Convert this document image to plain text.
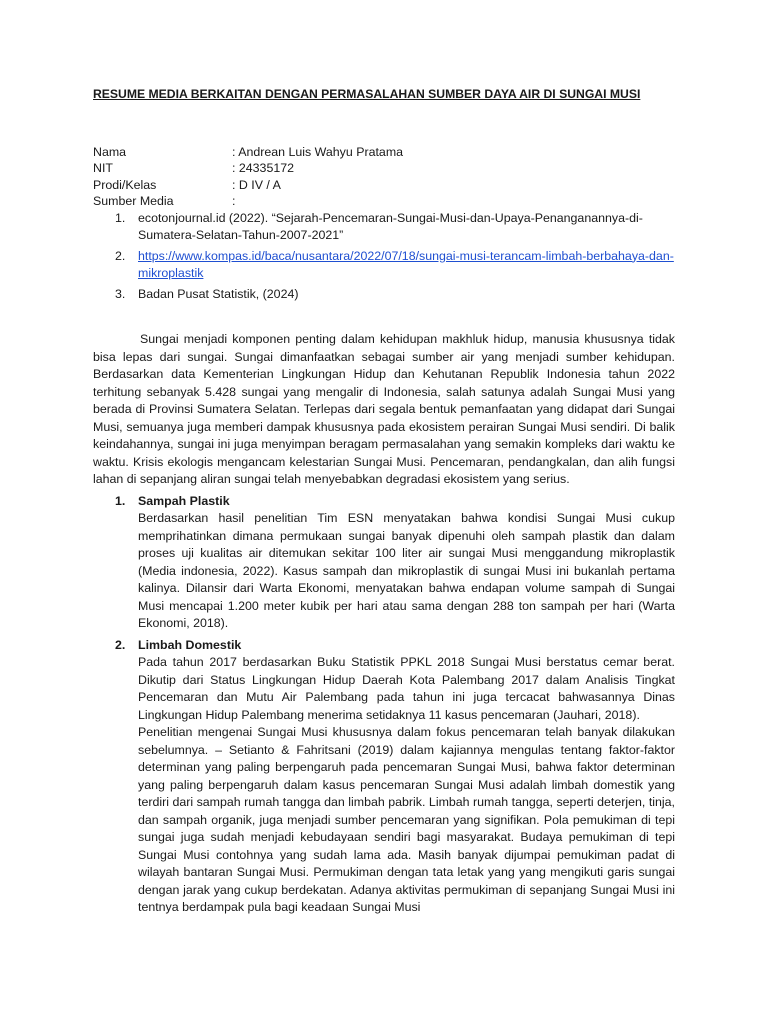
RESUME MEDIA BERKAITAN DENGAN PERMASALAHAN SUMBER DAYA AIR DI SUNGAI MUSI
Nama	: Andrean Luis Wahyu Pratama
NIT	: 24335172
Prodi/Kelas	: D IV / A
Sumber Media	:
1.	ecotonjournal.id (2022). “Sejarah-Pencemaran-Sungai-Musi-dan-Upaya-Penanganannya-di-Sumatera-Selatan-Tahun-2007-2021”
2.	https://www.kompas.id/baca/nusantara/2022/07/18/sungai-musi-terancam-limbah-berbahaya-dan-mikroplastik
3.	Badan Pusat Statistik, (2024)

Sungai menjadi komponen penting dalam kehidupan makhluk hidup, manusia khususnya tidak bisa lepas dari sungai. Sungai dimanfaatkan sebagai sumber air yang menjadi sumber kehidupan. Berdasarkan data Kementerian Lingkungan Hidup dan Kehutanan Republik Indonesia tahun 2022 terhitung sebanyak 5.428 sungai yang mengalir di Indonesia, salah satunya adalah Sungai Musi yang berada di Provinsi Sumatera Selatan. Terlepas dari segala bentuk pemanfaatan yang didapat dari Sungai Musi, semuanya juga memberi dampak khususnya pada ekosistem perairan Sungai Musi sendiri. Di balik keindahannya, sungai ini juga menyimpan beragam permasalahan yang semakin kompleks dari waktu ke waktu. Krisis ekologis mengancam kelestarian Sungai Musi. Pencemaran, pendangkalan, dan alih fungsi lahan di sepanjang aliran sungai telah menyebabkan degradasi ekosistem yang serius.

1.	Sampah Plastik

Berdasarkan hasil penelitian Tim ESN menyatakan bahwa kondisi Sungai Musi cukup memprihatinkan dimana permukaan sungai banyak dipenuhi oleh sampah plastik dan dalam proses uji kualitas air ditemukan sekitar 100 liter air sungai Musi menggandung mikroplastik (Media indonesia, 2022). Kasus sampah dan mikroplastik di sungai Musi ini bukanlah pertama kalinya. Dilansir dari Warta Ekonomi, menyatakan bahwa endapan volume sampah di Sungai Musi mencapai 1.200 meter kubik per hari atau sama dengan 288 ton sampah per hari (Warta Ekonomi, 2018).

2.	Limbah Domestik

Pada tahun 2017 berdasarkan Buku Statistik PPKL 2018 Sungai Musi berstatus cemar berat. Dikutip dari Status Lingkungan Hidup Daerah Kota Palembang 2017 dalam Analisis Tingkat Pencemaran dan Mutu Air Palembang pada tahun ini juga tercacat bahwasannya Dinas Lingkungan Hidup Palembang menerima setidaknya 11 kasus pencemaran (Jauhari, 2018).

Penelitian mengenai Sungai Musi khususnya dalam fokus pencemaran telah banyak dilakukan sebelumnya. – Setianto & Fahritsani (2019) dalam kajiannya mengulas tentang faktor-faktor determinan yang paling berpengaruh pada pencemaran Sungai Musi, bahwa faktor determinan yang paling berpengaruh dalam kasus pencemaran Sungai Musi adalah limbah domestik yang terdiri dari sampah rumah tangga dan limbah pabrik. Limbah rumah tangga, seperti deterjen, tinja, dan sampah organik, juga menjadi sumber pencemaran yang signifikan. Pola pemukiman di tepi sungai juga sudah menjadi kebudayaan sendiri bagi masyarakat. Budaya pemukiman di tepi Sungai Musi contohnya yang sudah lama ada. Masih banyak dijumpai pemukiman padat di wilayah bantaran Sungai Musi. Permukiman dengan tata letak yang yang mengikuti garis sungai dengan jarak yang cukup berdekatan. Adanya aktivitas permukiman di sepanjang Sungai Musi ini tentnya berdampak pula bagi keadaan Sungai Musi
